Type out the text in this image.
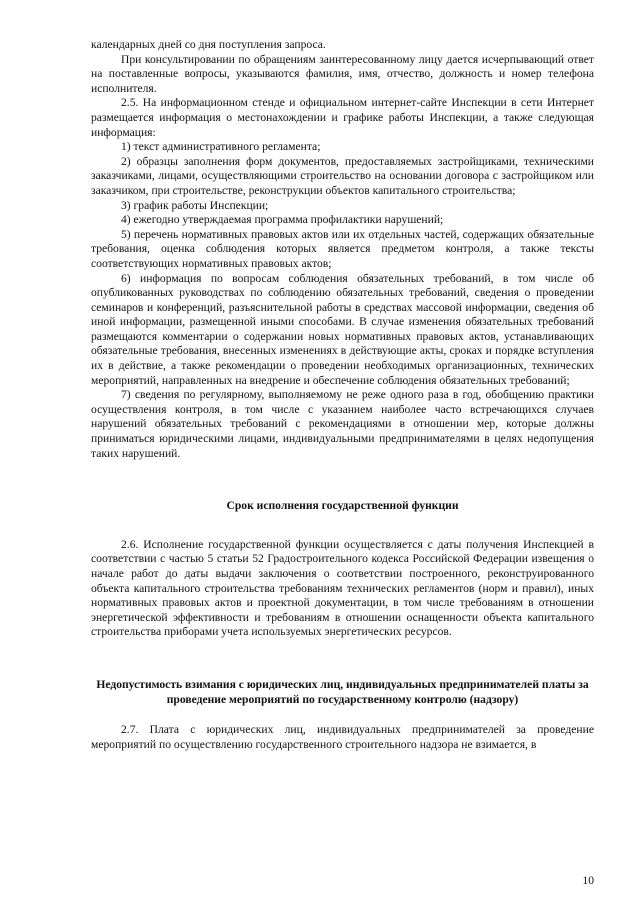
календарных дней со дня поступления запроса.

При консультировании по обращениям заинтересованному лицу дается исчерпывающий ответ на поставленные вопросы, указываются фамилия, имя, отчество, должность и номер телефона исполнителя.

2.5. На информационном стенде и официальном интернет-сайте Инспекции в сети Интернет размещается информация о местонахождении и графике работы Инспекции, а также следующая информация:

1) текст административного регламента;

2) образцы заполнения форм документов, предоставляемых застройщиками, техническими заказчиками, лицами, осуществляющими строительство на основании договора с застройщиком или заказчиком, при строительстве, реконструкции объектов капитального строительства;

3) график работы Инспекции;

4) ежегодно утверждаемая программа профилактики нарушений;

5) перечень нормативных правовых актов или их отдельных частей, содержащих обязательные требования, оценка соблюдения которых является предметом контроля, а также тексты соответствующих нормативных правовых актов;

6) информация по вопросам соблюдения обязательных требований, в том числе об опубликованных руководствах по соблюдению обязательных требований, сведения о проведении семинаров и конференций, разъяснительной работы в средствах массовой информации, сведения об иной информации, размещенной иными способами. В случае изменения обязательных требований размещаются комментарии о содержании новых нормативных правовых актов, устанавливающих обязательные требования, внесенных изменениях в действующие акты, сроках и порядке вступления их в действие, а также рекомендации о проведении необходимых организационных, технических мероприятий, направленных на внедрение и обеспечение соблюдения обязательных требований;

7) сведения по регулярному, выполняемому не реже одного раза в год, обобщению практики осуществления контроля, в том числе с указанием наиболее часто встречающихся случаев нарушений обязательных требований с рекомендациями в отношении мер, которые должны приниматься юридическими лицами, индивидуальными предпринимателями в целях недопущения таких нарушений.

Срок исполнения государственной функции

2.6. Исполнение государственной функции осуществляется с даты получения Инспекцией в соответствии с частью 5 статьи 52 Градостроительного кодекса Российской Федерации извещения о начале работ до даты выдачи заключения о соответствии построенного, реконструированного объекта капитального строительства требованиям технических регламентов (норм и правил), иных нормативных правовых актов и проектной документации, в том числе требованиям в отношении энергетической эффективности и требованиям в отношении оснащенности объекта капитального строительства приборами учета используемых энергетических ресурсов.

Недопустимость взимания с юридических лиц, индивидуальных предпринимателей платы за проведение мероприятий по государственному контролю (надзору)

2.7. Плата с юридических лиц, индивидуальных предпринимателей за проведение мероприятий по осуществлению государственного строительного надзора не взимается, в

10
